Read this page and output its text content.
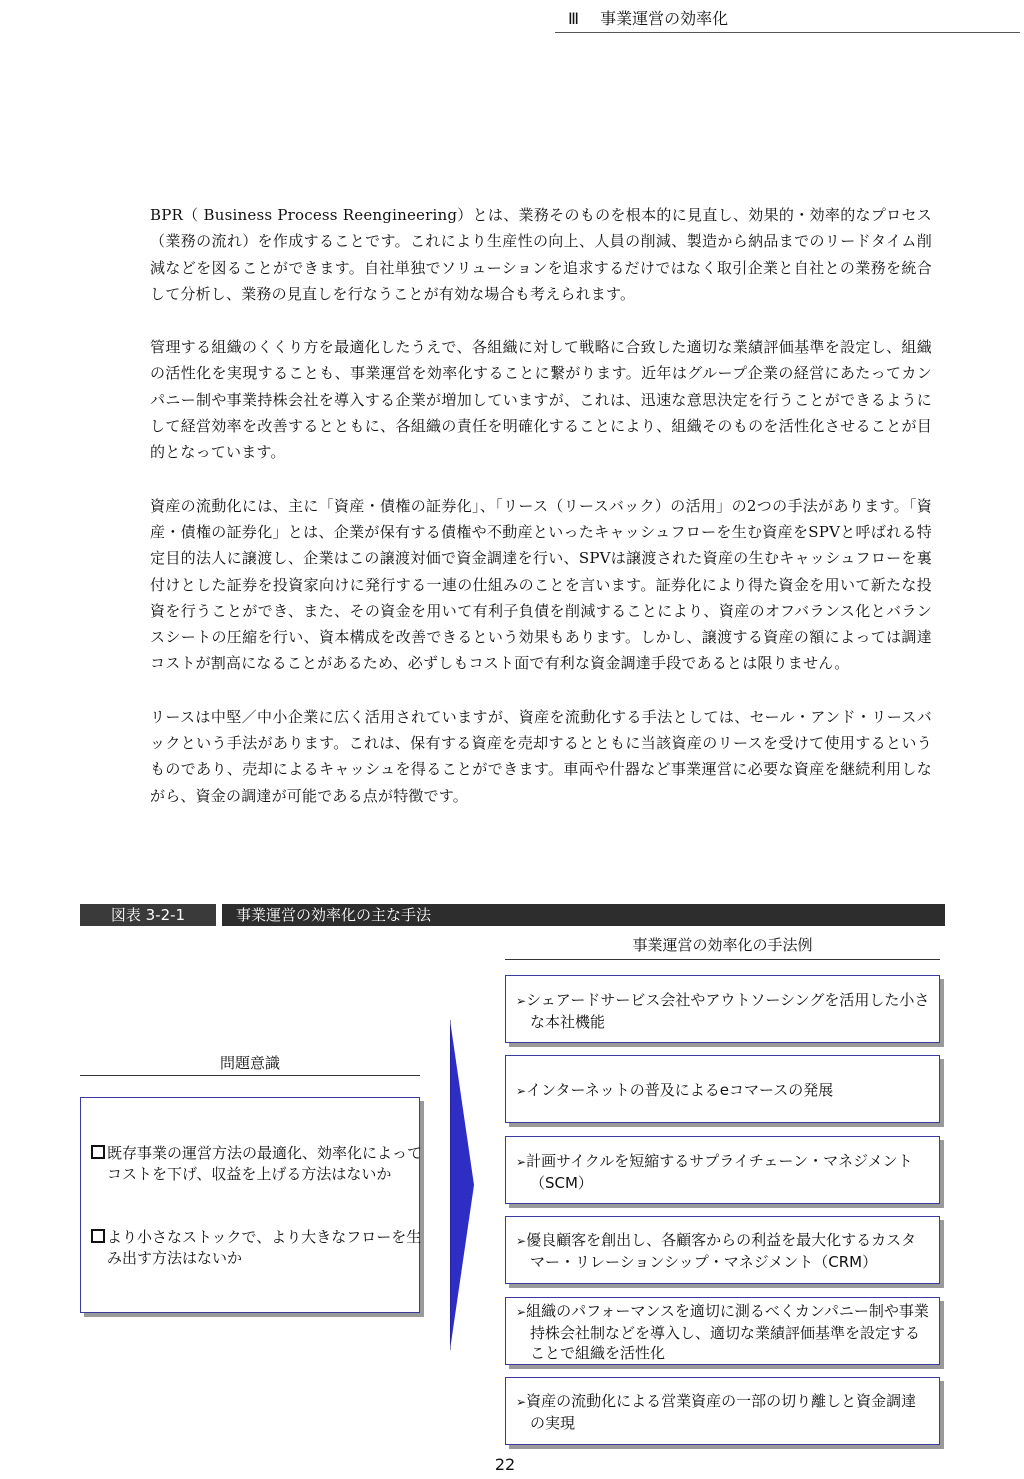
Ⅲ　 事業運営の効率化

BPR（ Business Process Reengineering）とは、業務そのものを根本的に見直し、効果的・効率的なプロセス（業務の流れ）を作成することです。これにより生産性の向上、人員の削減、製造から納品までのリードタイム削減などを図ることができます。自社単独でソリューションを追求するだけではなく取引企業と自社との業務を統合して分析し、業務の見直しを行なうことが有効な場合も考えられます。

管理する組織のくくり方を最適化したうえで、各組織に対して戦略に合致した適切な業績評価基準を設定し、組織の活性化を実現することも、事業運営を効率化することに繋がります。近年はグループ企業の経営にあたってカンパニー制や事業持株会社を導入する企業が増加していますが、これは、迅速な意思決定を行うことができるようにして経営効率を改善するとともに、各組織の責任を明確化することにより、組織そのものを活性化させることが目的となっています。

資産の流動化には、主に「資産・債権の証券化」、「リース（リースバック）の活用」の2つの手法があります。「資産・債権の証券化」とは、企業が保有する債権や不動産といったキャッシュフローを生む資産をSPVと呼ばれる特定目的法人に譲渡し、企業はこの譲渡対価で資金調達を行い、SPVは譲渡された資産の生むキャッシュフローを裏付けとした証券を投資家向けに発行する一連の仕組みのことを言います。証券化により得た資金を用いて新たな投資を行うことができ、また、その資金を用いて有利子負債を削減することにより、資産のオフバランス化とバランスシートの圧縮を行い、資本構成を改善できるという効果もあります。しかし、譲渡する資産の額によっては調達コストが割高になることがあるため、必ずしもコスト面で有利な資金調達手段であるとは限りません。

リースは中堅／中小企業に広く活用されていますが、資産を流動化する手法としては、セール・アンド・リースバックという手法があります。これは、保有する資産を売却するとともに当該資産のリースを受けて使用するというものであり、売却によるキャッシュを得ることができます。車両や什器など事業運営に必要な資産を継続利用しながら、資金の調達が可能である点が特徴です。

図表 3-2-1	事業運営の効率化の主な手法
事業運営の効率化の手法例
問題意識
既存事業の運営方法の最適化、効率化によってコストを下げ、収益を上げる方法はないか
より小さなストックで、より大きなフローを生み出す方法はないか
➢シェアードサービス会社やアウトソーシングを活用した小さな本社機能
➢インターネットの普及によるeコマースの発展
➢計画サイクルを短縮するサプライチェーン・マネジメント（SCM）
➢優良顧客を創出し、各顧客からの利益を最大化するカスタマー・リレーションシップ・マネジメント（CRM）
➢組織のパフォーマンスを適切に測るべくカンパニー制や事業持株会社制などを導入し、適切な業績評価基準を設定することで組織を活性化
➢資産の流動化による営業資産の一部の切り離しと資金調達の実現
22
